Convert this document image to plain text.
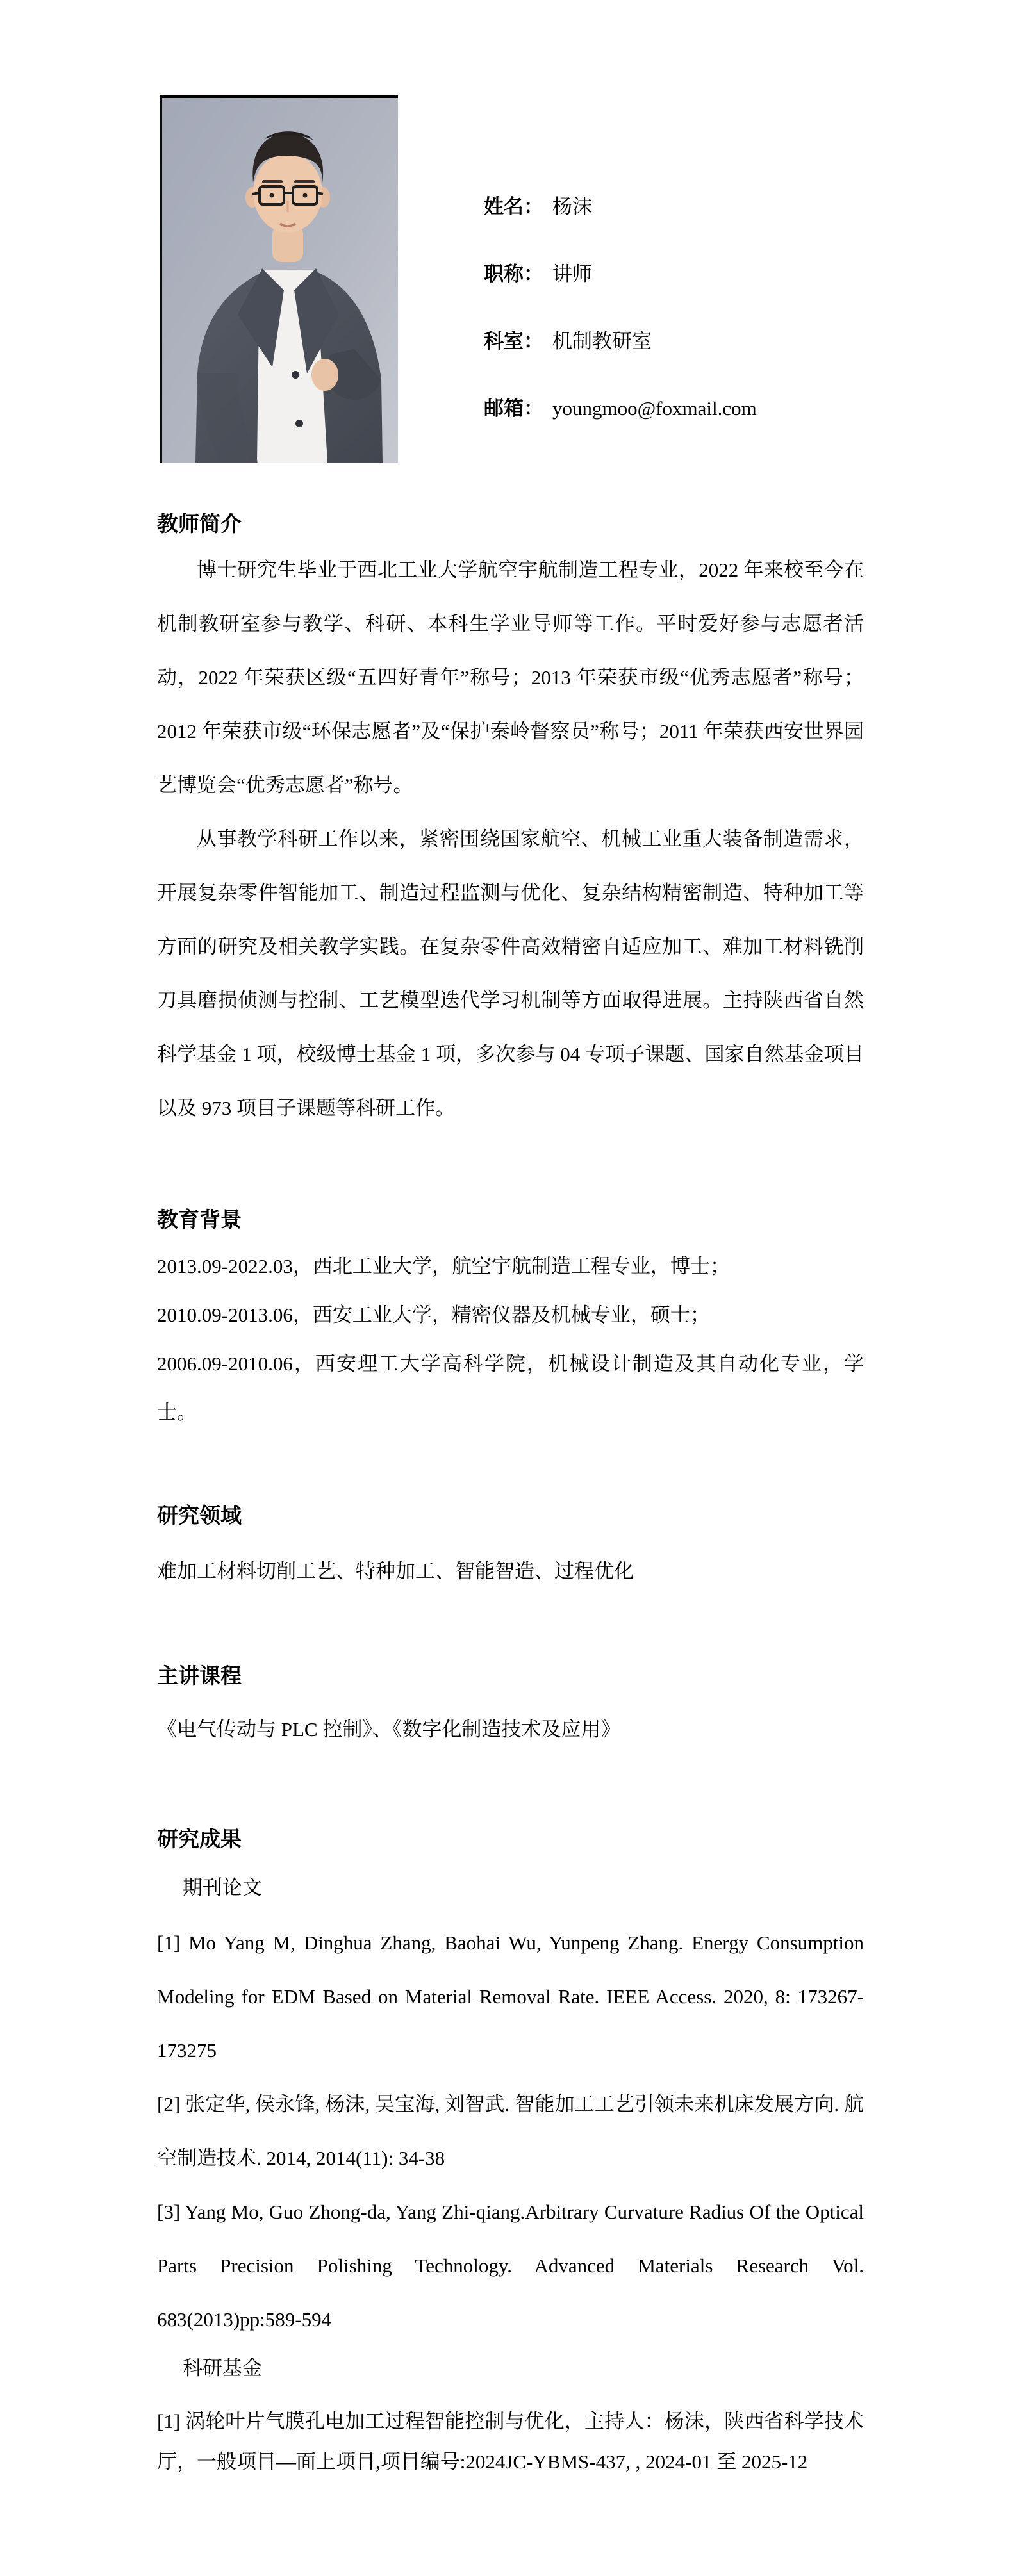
姓名： 杨沫
职称： 讲师
科室： 机制教研室
邮箱： youngmoo@foxmail.com
教师简介

博士研究生毕业于西北工业大学航空宇航制造工程专业，2022 年来校至今在机制教研室参与教学、科研、本科生学业导师等工作。平时爱好参与志愿者活动，2022 年荣获区级“五四好青年”称号；2013 年荣获市级“优秀志愿者”称号；2012 年荣获市级“环保志愿者”及“保护秦岭督察员”称号；2011 年荣获西安世界园艺博览会“优秀志愿者”称号。

从事教学科研工作以来，紧密围绕国家航空、机械工业重大装备制造需求，开展复杂零件智能加工、制造过程监测与优化、复杂结构精密制造、特种加工等方面的研究及相关教学实践。在复杂零件高效精密自适应加工、难加工材料铣削刀具磨损侦测与控制、工艺模型迭代学习机制等方面取得进展。主持陕西省自然科学基金 1 项，校级博士基金 1 项，多次参与 04 专项子课题、国家自然基金项目以及 973 项目子课题等科研工作。

教育背景

2013.09-2022.03，西北工业大学，航空宇航制造工程专业，博士；

2010.09-2013.06，西安工业大学，精密仪器及机械专业，硕士；

2006.09-2010.06，西安理工大学高科学院，机械设计制造及其自动化专业，学士。

研究领域

难加工材料切削工艺、特种加工、智能智造、过程优化

主讲课程

《电气传动与 PLC 控制》、《数字化制造技术及应用》

研究成果

期刊论文

[1] Mo Yang M, Dinghua Zhang, Baohai Wu, Yunpeng Zhang. Energy Consumption Modeling for EDM Based on Material Removal Rate. IEEE Access. 2020, 8: 173267-173275

[2] 张定华, 侯永锋, 杨沫, 吴宝海, 刘智武. 智能加工工艺引领未来机床发展方向. 航空制造技术. 2014, 2014(11): 34-38

[3] Yang Mo, Guo Zhong-da, Yang Zhi-qiang.Arbitrary Curvature Radius Of the Optical Parts Precision Polishing Technology. Advanced Materials Research Vol. 683(2013)pp:589-594

科研基金

[1] 涡轮叶片气膜孔电加工过程智能控制与优化，主持人：杨沫，陕西省科学技术厅，一般项目—面上项目,项目编号:2024JC-YBMS-437, , 2024-01 至 2025-12
